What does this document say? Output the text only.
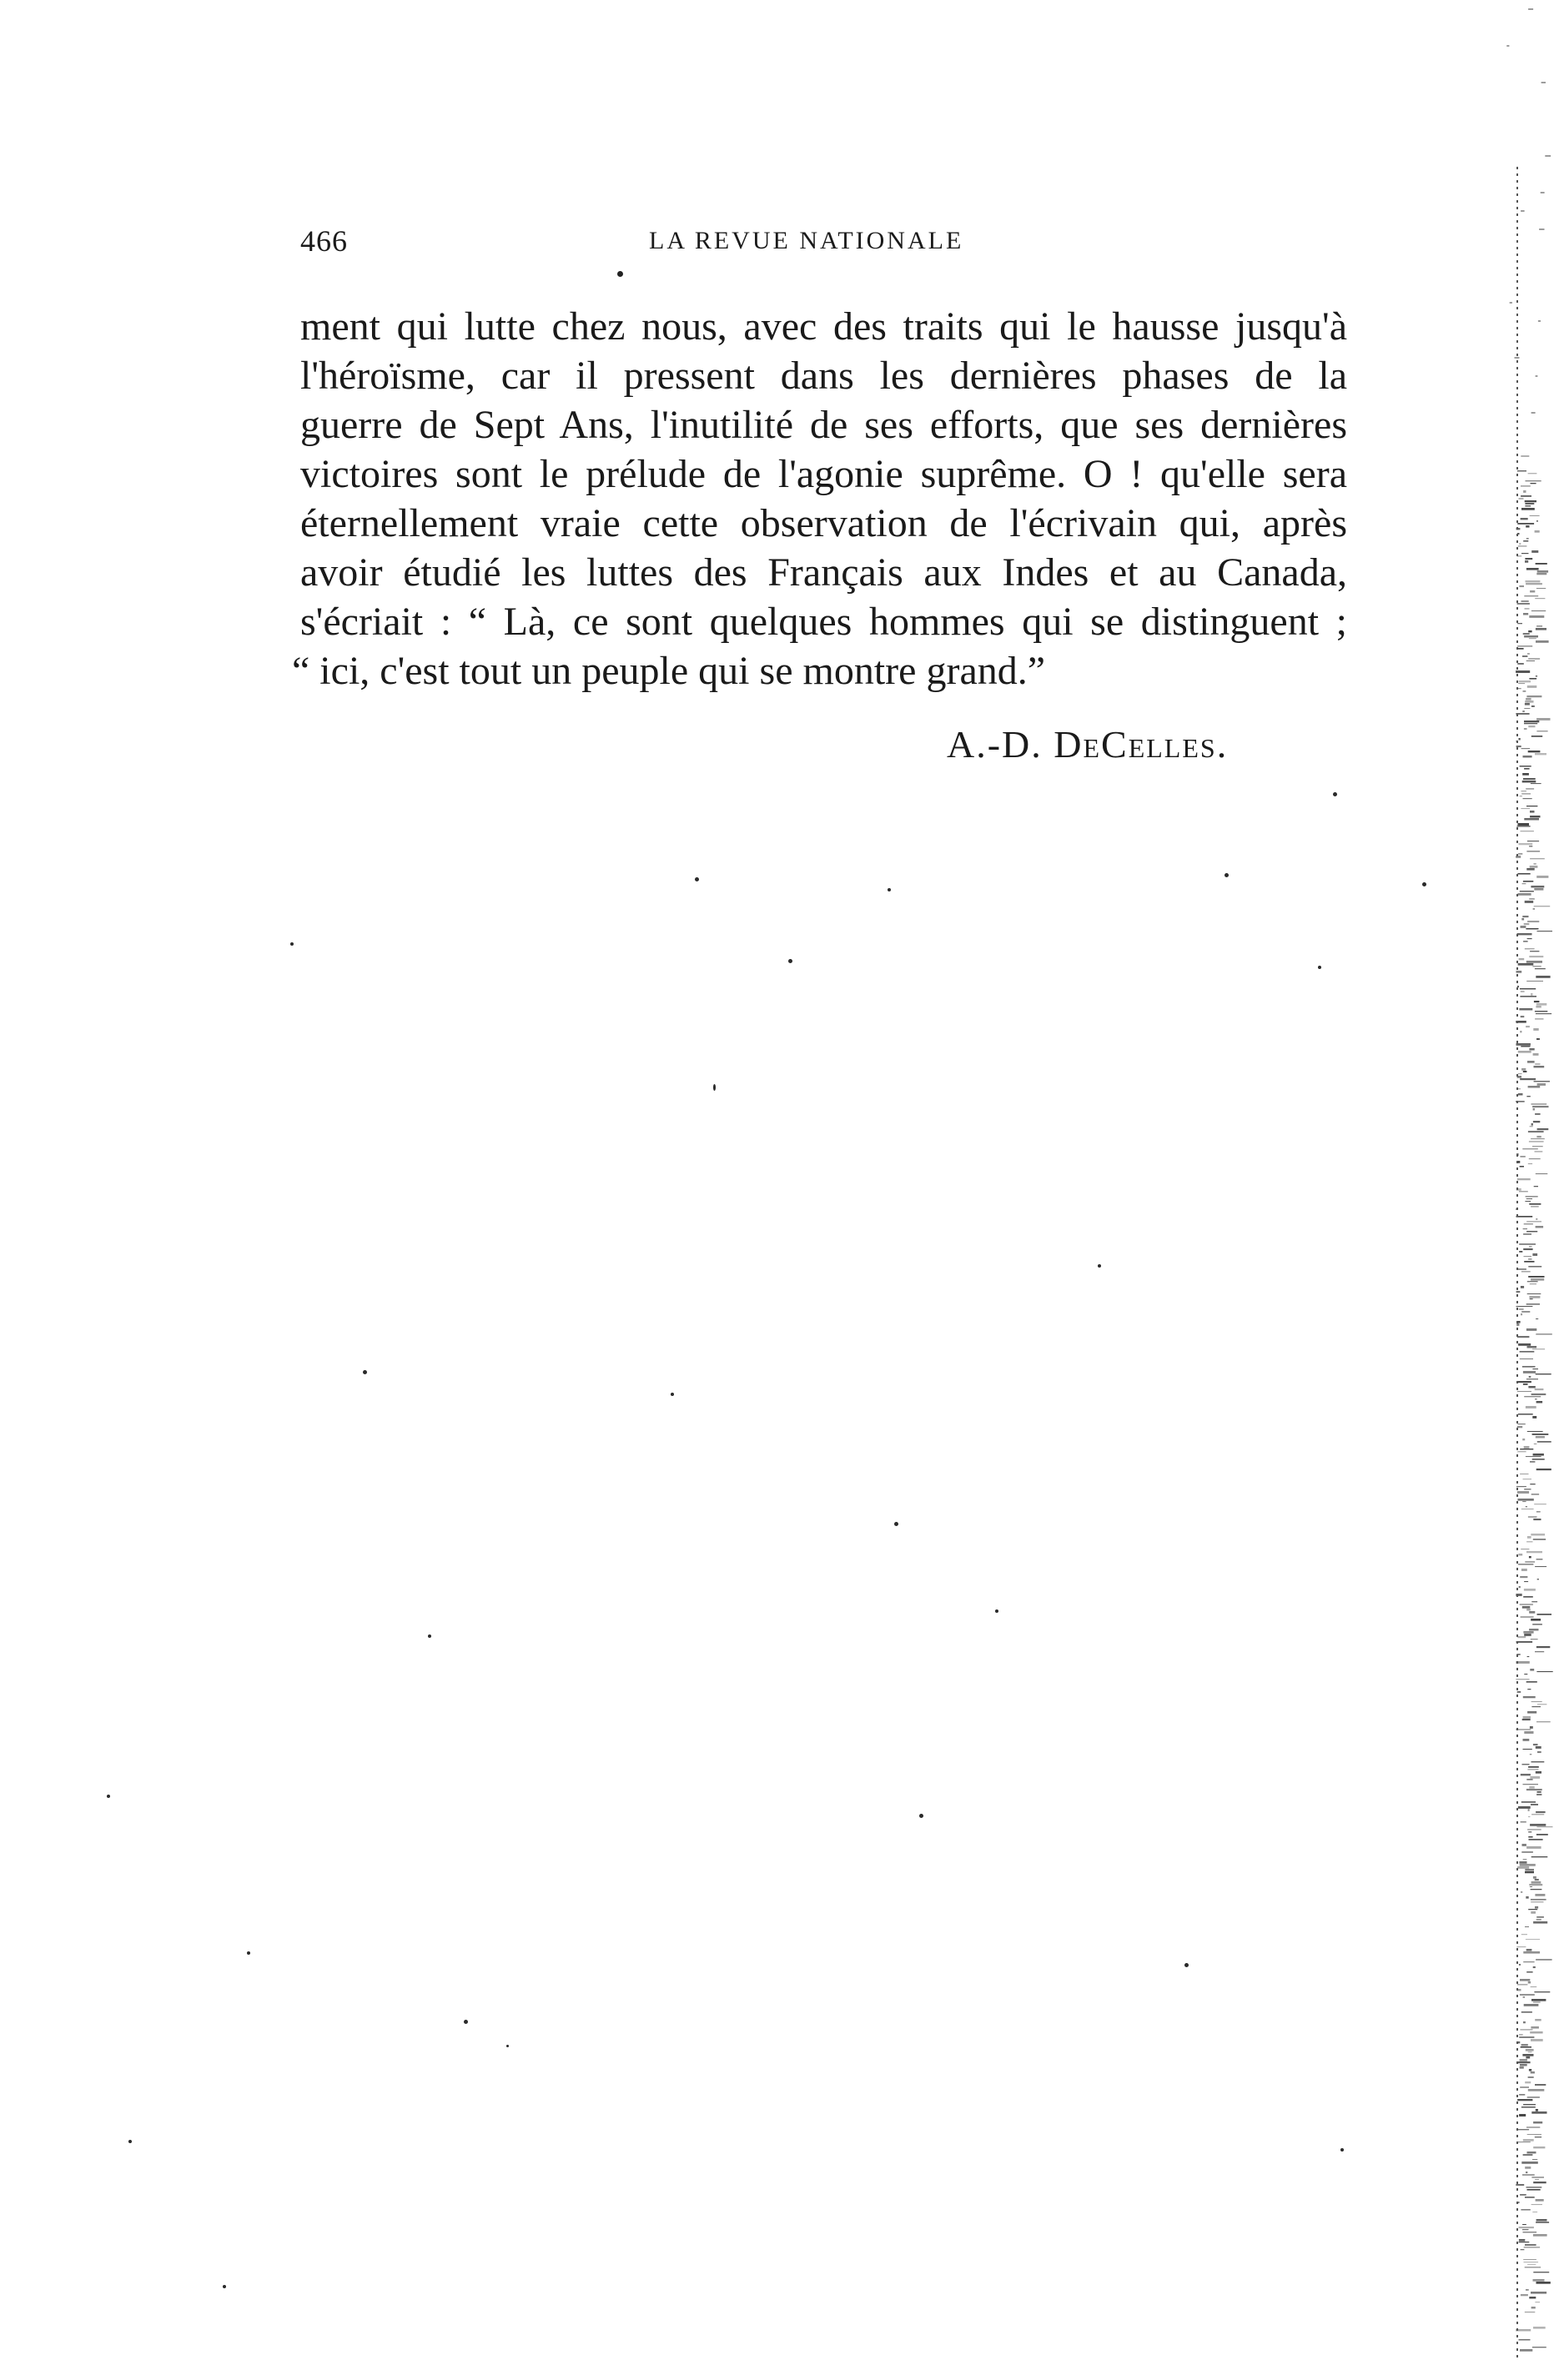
466	LA REVUE NATIONALE
ment qui lutte chez nous, avec des traits qui le hausse jusqu'à
l'héroïsme, car il pressent dans les dernières phases de la
guerre de Sept Ans, l'inutilité de ses efforts, que ses dernières
victoires sont le prélude de l'agonie suprême. O ! qu'elle sera
éternellement vraie cette observation de l'écrivain qui, après
avoir étudié les luttes des Français aux Indes et au Canada,
s'écriait : “ Là, ce sont quelques hommes qui se distinguent ;
“ ici, c'est tout un peuple qui se montre grand.”
A.-D. DeCelles.
